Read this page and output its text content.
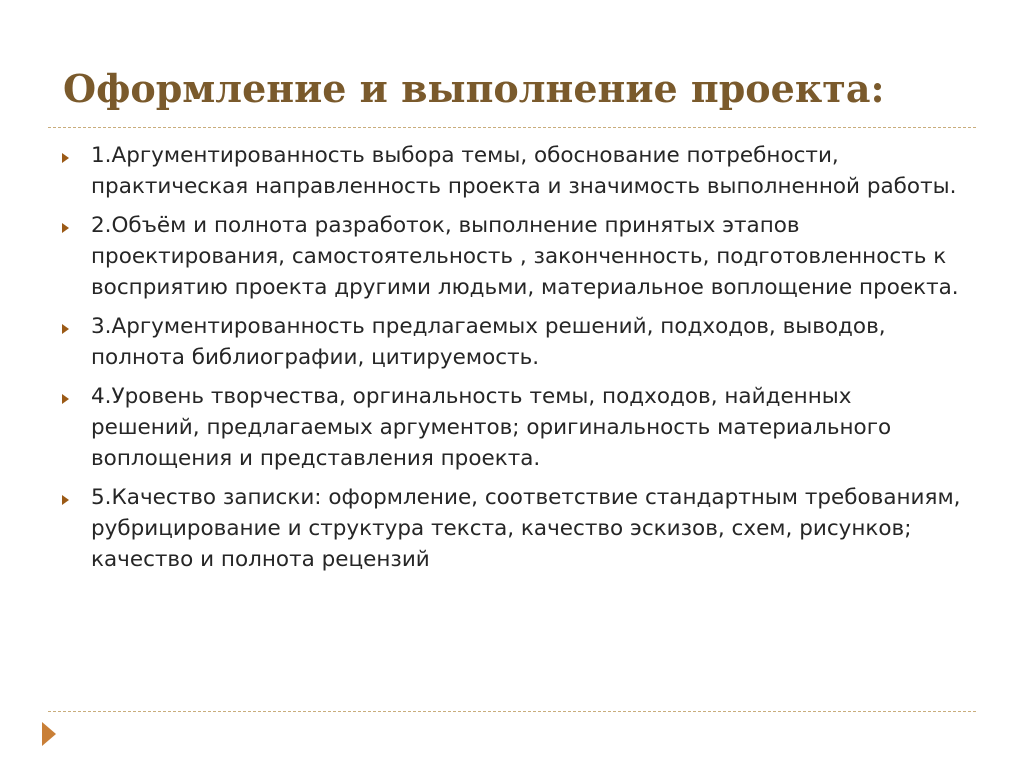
Оформление и выполнение проекта:
1.Аргументированность выбора темы, обоснование потребности, практическая направленность проекта и значимость выполненной работы.
2.Объём и полнота разработок, выполнение принятых этапов проектирования, самостоятельность , законченность, подготовленность к восприятию проекта другими людьми, материальное воплощение проекта.
3.Аргументированность предлагаемых решений, подходов, выводов, полнота библиографии, цитируемость.
4.Уровень творчества, оргинальность темы, подходов, найденных решений, предлагаемых аргументов; оригинальность материального воплощения и представления проекта.
5.Качество записки: оформление, соответствие стандартным требованиям, рубрицирование и структура текста, качество эскизов, схем, рисунков; качество и полнота рецензий
